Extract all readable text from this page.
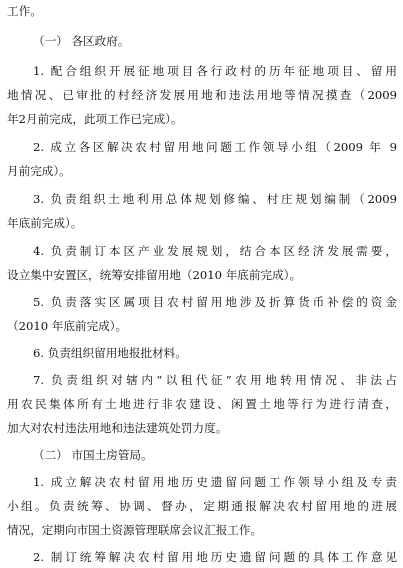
工作。
（一） 各区政府。
1. 配合组织开展征地项目各行政村的历年征地项目、留用
地情况、已审批的村经济发展用地和违法用地等情况摸查（2009
年2月前完成，此项工作已完成）。
2. 成立各区解决农村留用地问题工作领导小组（2009 年 9
月前完成）。
3. 负责组织土地利用总体规划修编、村庄规划编制（2009
年底前完成）。
4. 负责制订本区产业发展规划，结合本区经济发展需要，
设立集中安置区，统筹安排留用地（2010 年底前完成）。
5. 负责落实区属项目农村留用地涉及折算货币补偿的资金
（2010 年底前完成）。
6. 负责组织留用地报批材料。
7. 负责组织对辖内“以租代征”农用地转用情况、非法占
用农民集体所有土地进行非农建设、闲置土地等行为进行清查，
加大对农村违法用地和违法建筑处罚力度。
（二） 市国土房管局。
1. 成立解决农村留用地历史遗留问题工作领导小组及专责
小组。负责统筹、协调、督办，定期通报解决农村留用地的进展
情况，定期向市国土资源管理联席会议汇报工作。
2. 制订统筹解决农村留用地历史遗留问题的具体工作意见
